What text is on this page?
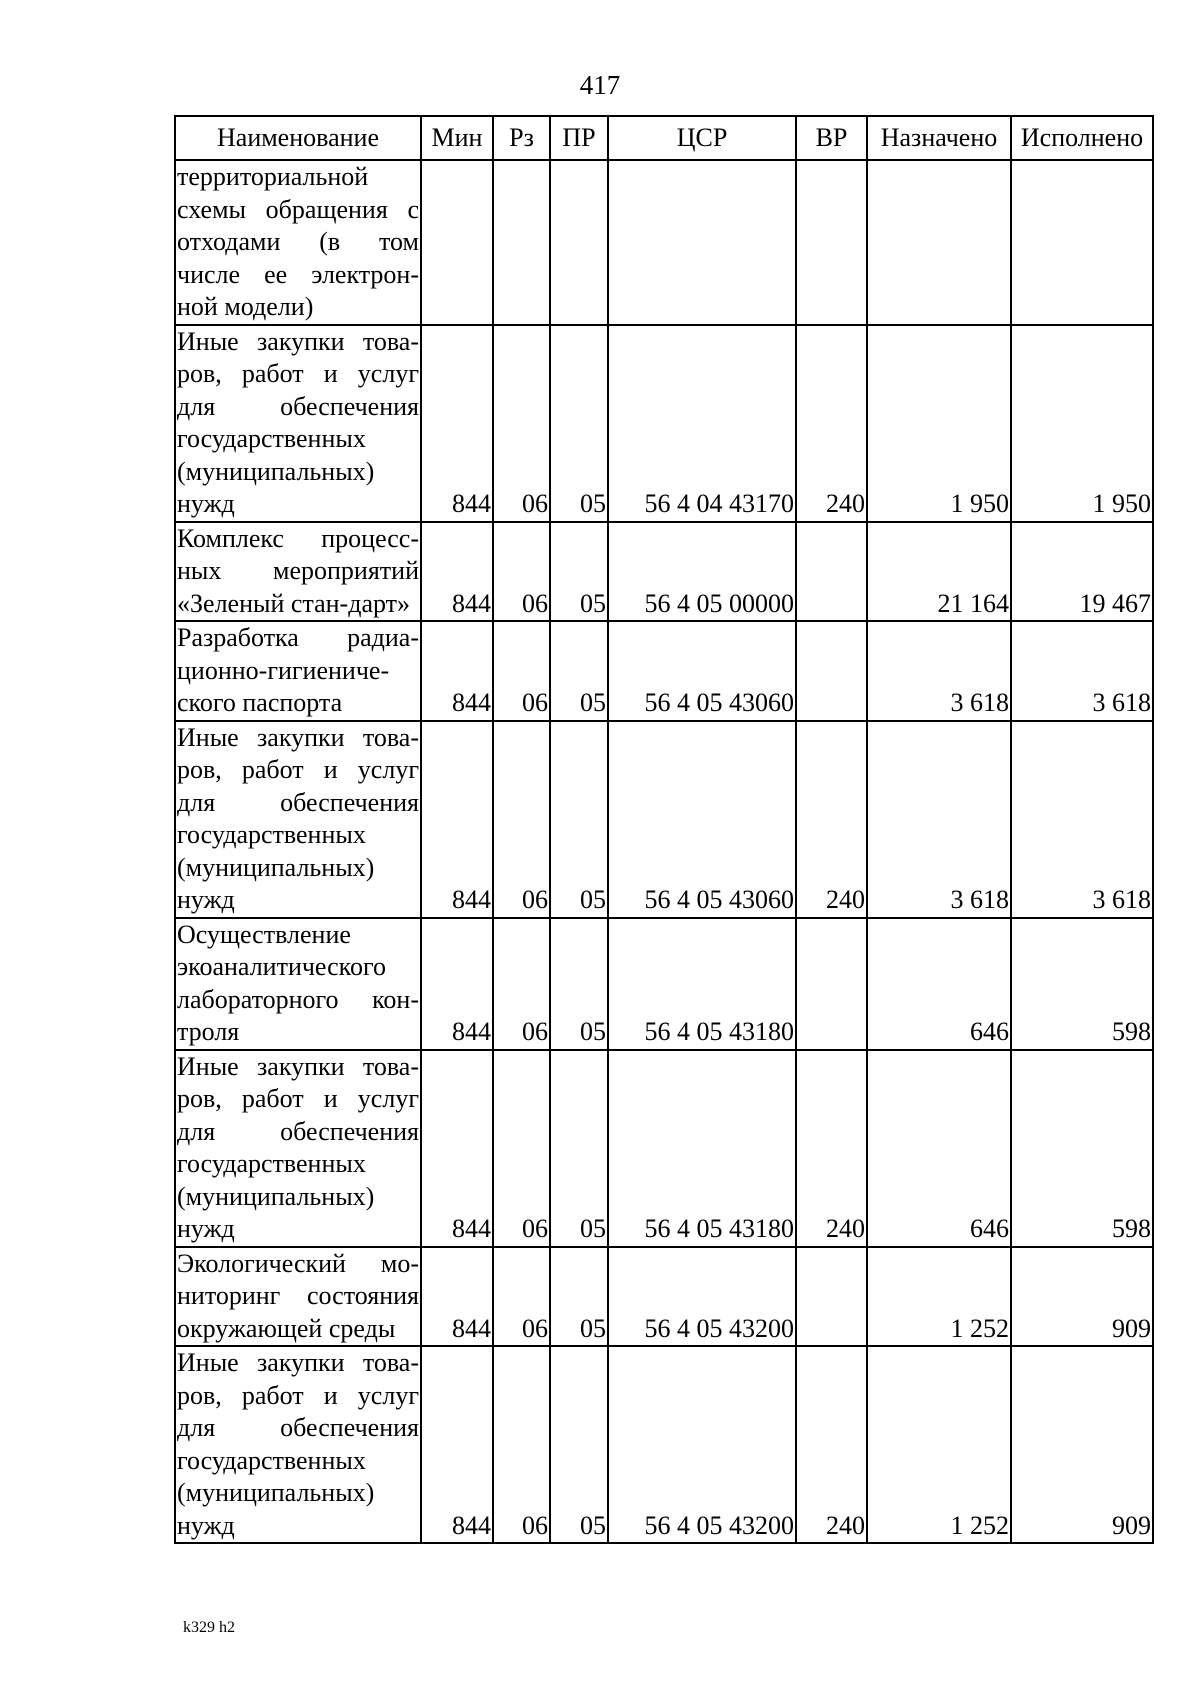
417
Наименование	Мин	Рз	ПР	ЦСР	ВР	Назначено	Исполнено
территориальной схемы обращения с отходами (в том числе ее электрон-ной модели)							
Иные закупки това-ров, работ и услуг для обеспечения государственных (муниципальных) нужд	844	06	05	56 4 04 43170	240	1 950	1 950
Комплекс процесс-ных мероприятий «Зеленый стан-дарт»	844	06	05	56 4 05 00000		21 164	19 467
Разработка радиа-ционно-гигиениче-ского паспорта	844	06	05	56 4 05 43060		3 618	3 618
Иные закупки това-ров, работ и услуг для обеспечения государственных (муниципальных) нужд	844	06	05	56 4 05 43060	240	3 618	3 618
Осуществление экоаналитического лабораторного кон-троля	844	06	05	56 4 05 43180		646	598
Иные закупки това-ров, работ и услуг для обеспечения государственных (муниципальных) нужд	844	06	05	56 4 05 43180	240	646	598
Экологический мо-ниторинг состояния окружающей среды	844	06	05	56 4 05 43200		1 252	909
Иные закупки това-ров, работ и услуг для обеспечения государственных (муниципальных) нужд	844	06	05	56 4 05 43200	240	1 252	909
k329 h2
